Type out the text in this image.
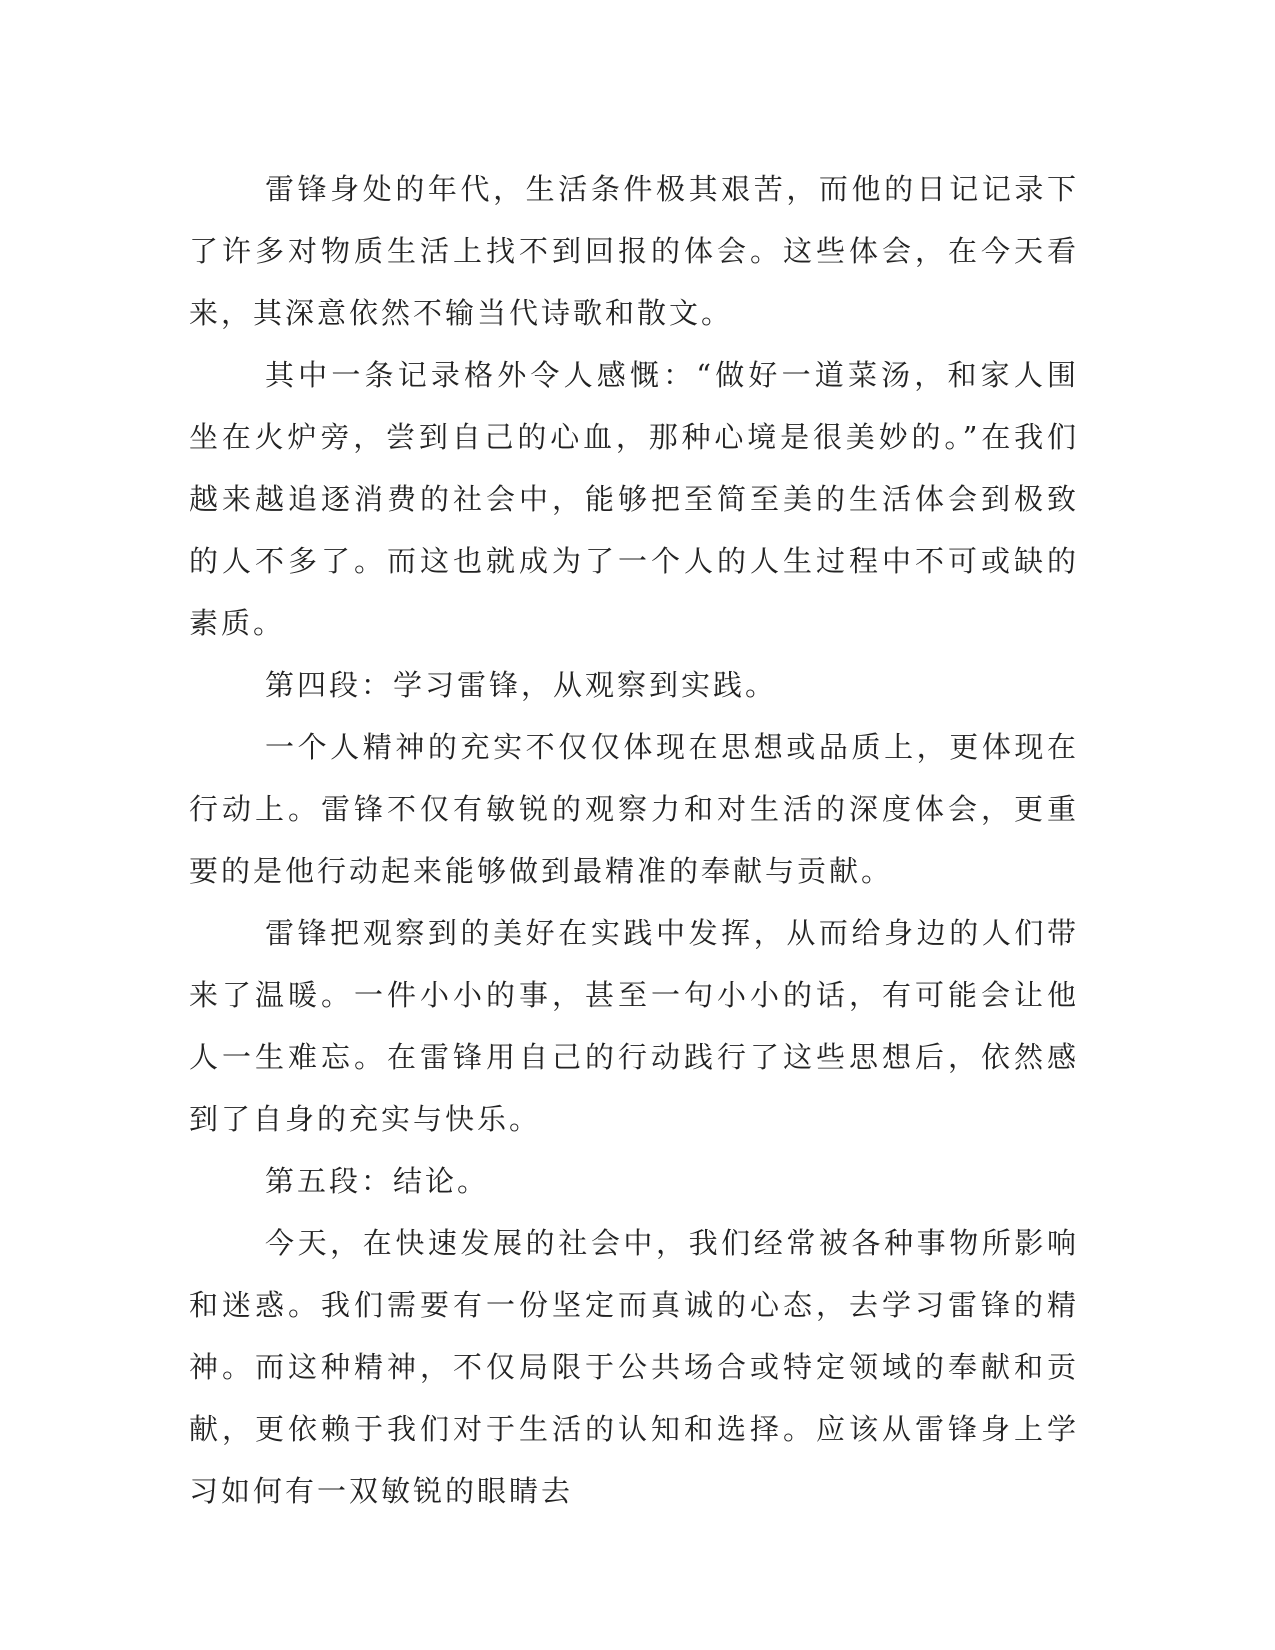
雷锋身处的年代，生活条件极其艰苦，而他的日记记录下了许多对物质生活上找不到回报的体会。这些体会，在今天看来，其深意依然不输当代诗歌和散文。

其中一条记录格外令人感慨：“做好一道菜汤，和家人围坐在火炉旁，尝到自己的心血，那种心境是很美妙的。”在我们越来越追逐消费的社会中，能够把至简至美的生活体会到极致的人不多了。而这也就成为了一个人的人生过程中不可或缺的素质。

第四段：学习雷锋，从观察到实践。

一个人精神的充实不仅仅体现在思想或品质上，更体现在行动上。雷锋不仅有敏锐的观察力和对生活的深度体会，更重要的是他行动起来能够做到最精准的奉献与贡献。

雷锋把观察到的美好在实践中发挥，从而给身边的人们带来了温暖。一件小小的事，甚至一句小小的话，有可能会让他人一生难忘。在雷锋用自己的行动践行了这些思想后，依然感到了自身的充实与快乐。

第五段：结论。

今天，在快速发展的社会中，我们经常被各种事物所影响和迷惑。我们需要有一份坚定而真诚的心态，去学习雷锋的精神。而这种精神，不仅局限于公共场合或特定领域的奉献和贡献，更依赖于我们对于生活的认知和选择。应该从雷锋身上学习如何有一双敏锐的眼睛去
